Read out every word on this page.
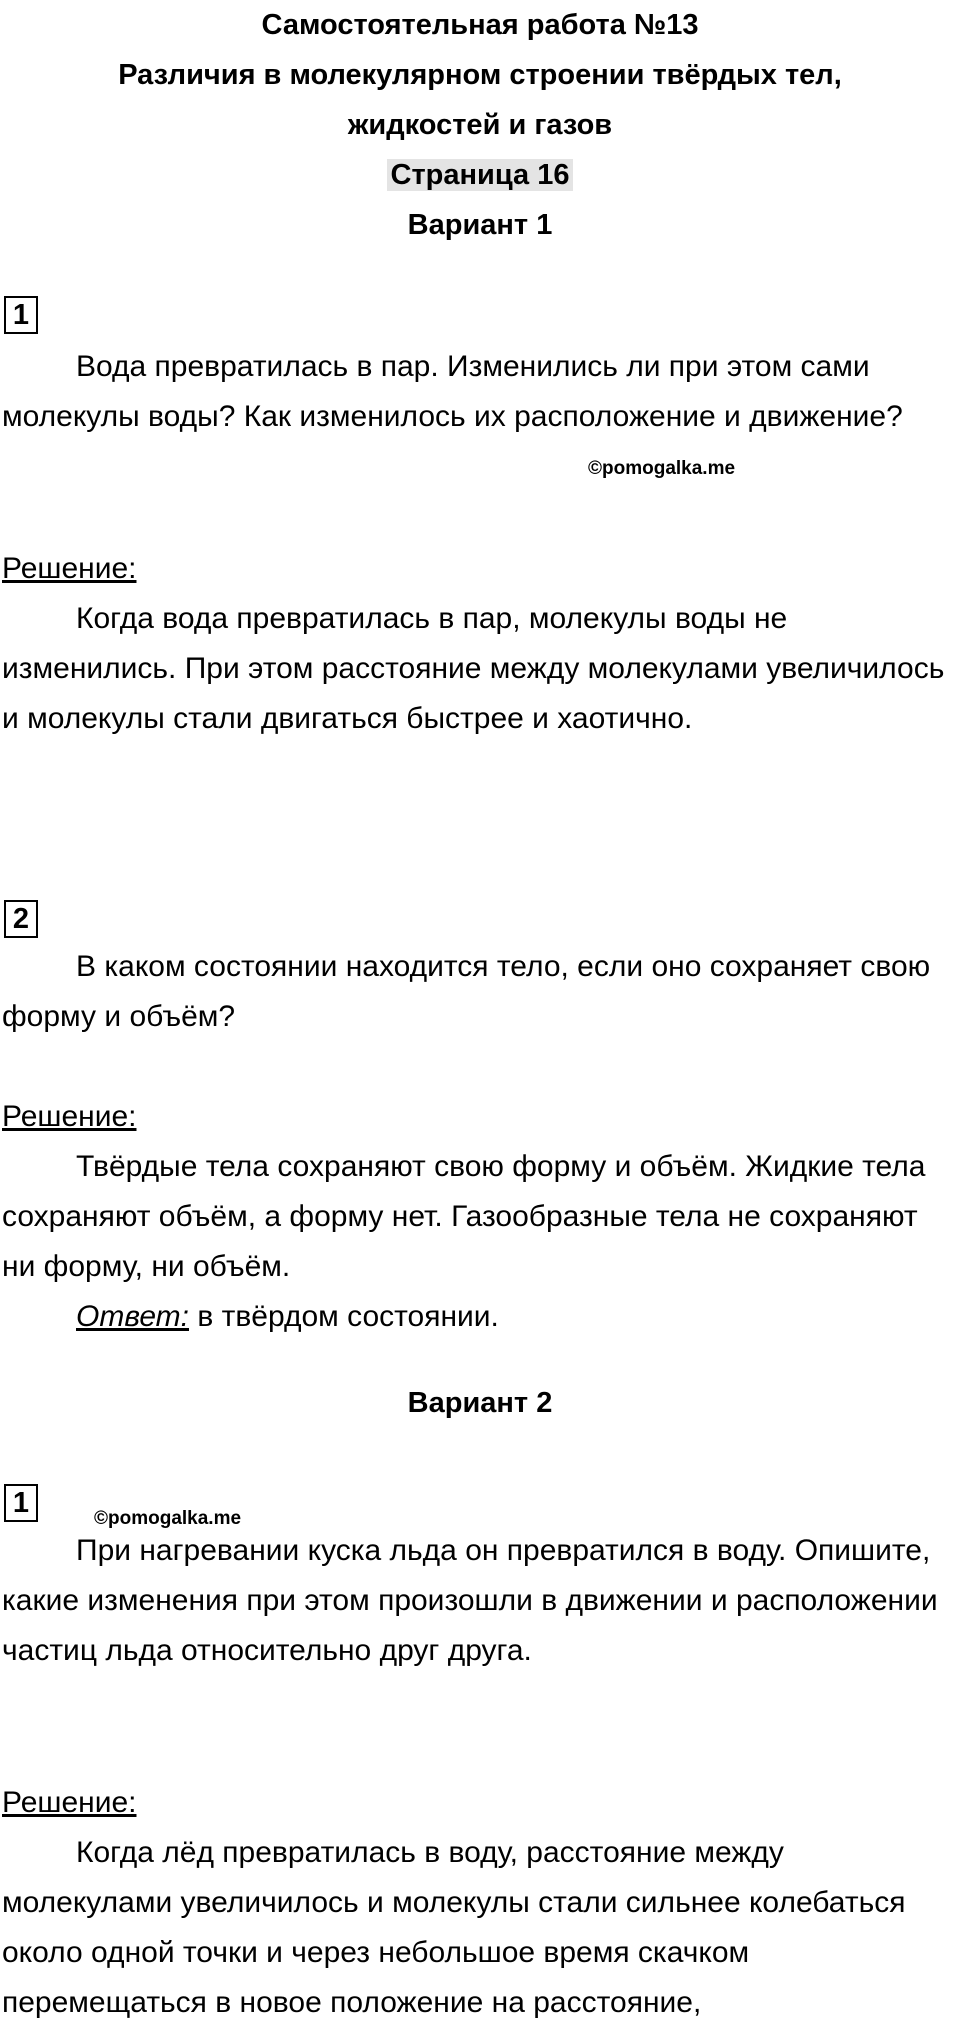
Самостоятельная работа №13
Различия в молекулярном строении твёрдых тел,
жидкостей и газов
Страница 16
Вариант 1
1

Вода превратилась в пар. Изменились ли при этом сами молекулы воды? Как изменилось их расположение и движение?

©pomogalka.me
Решение:

Когда вода превратилась в пар, молекулы воды не изменились. При этом расстояние между молекулами увеличилось и молекулы стали двигаться быстрее и хаотично.

2

В каком состоянии находится тело, если оно сохраняет свою форму и объём?

Решение:

Твёрдые тела сохраняют свою форму и объём. Жидкие тела сохраняют объём, а форму нет. Газообразные тела не сохраняют ни форму, ни объём.

Ответ: в твёрдом состоянии.

Вариант 2
1

При нагревании куска льда он превратился в воду. Опишите, какие изменения при этом произошли в движении и расположении частиц льда относительно друг друга.

©pomogalka.me
Решение:

Когда лёд превратилась в воду, расстояние между молекулами увеличилось и молекулы стали сильнее колебаться около одной точки и через небольшое время скачком перемещаться в новое положение на расстояние,
